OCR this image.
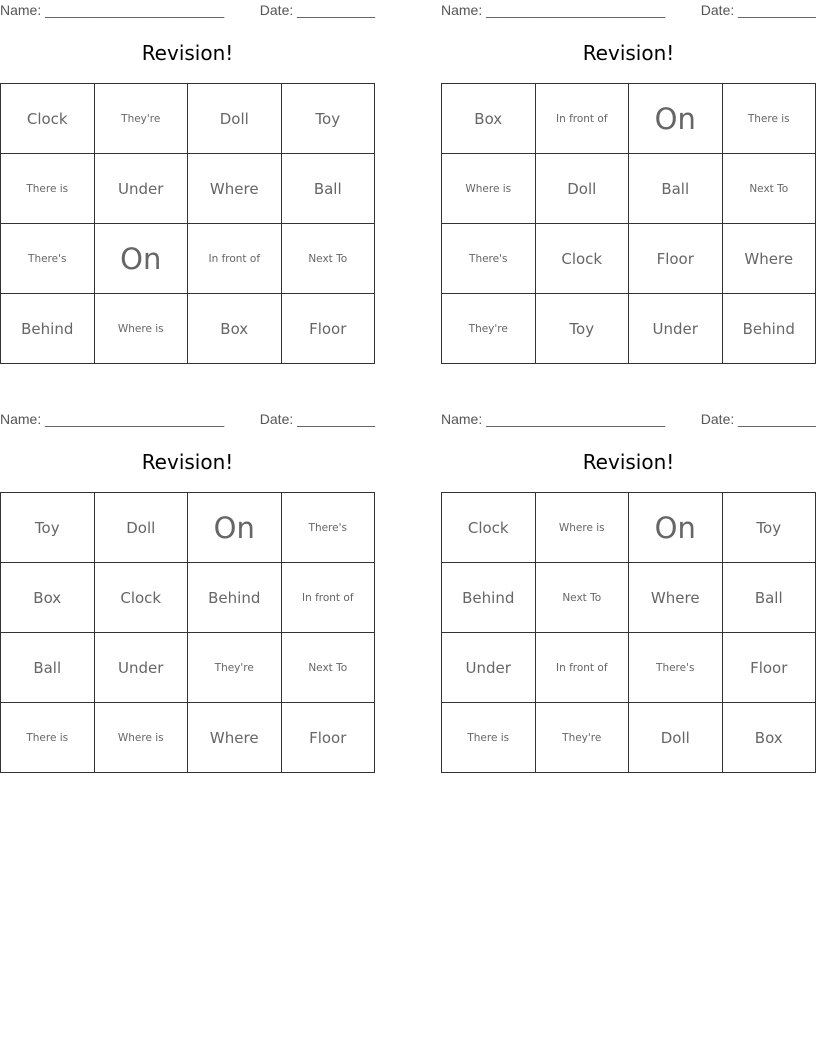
Name: _______________________	Date: __________
Revision!
Clock	They're	Doll	Toy
There is	Under	Where	Ball
There's	On	In front of	Next To
Behind	Where is	Box	Floor
Name: _______________________	Date: __________
Revision!
Box	In front of	On	There is
Where is	Doll	Ball	Next To
There's	Clock	Floor	Where
They're	Toy	Under	Behind
Name: _______________________	Date: __________
Revision!
Toy	Doll	On	There's
Box	Clock	Behind	In front of
Ball	Under	They're	Next To
There is	Where is	Where	Floor
Name: _______________________	Date: __________
Revision!
Clock	Where is	On	Toy
Behind	Next To	Where	Ball
Under	In front of	There's	Floor
There is	They're	Doll	Box
